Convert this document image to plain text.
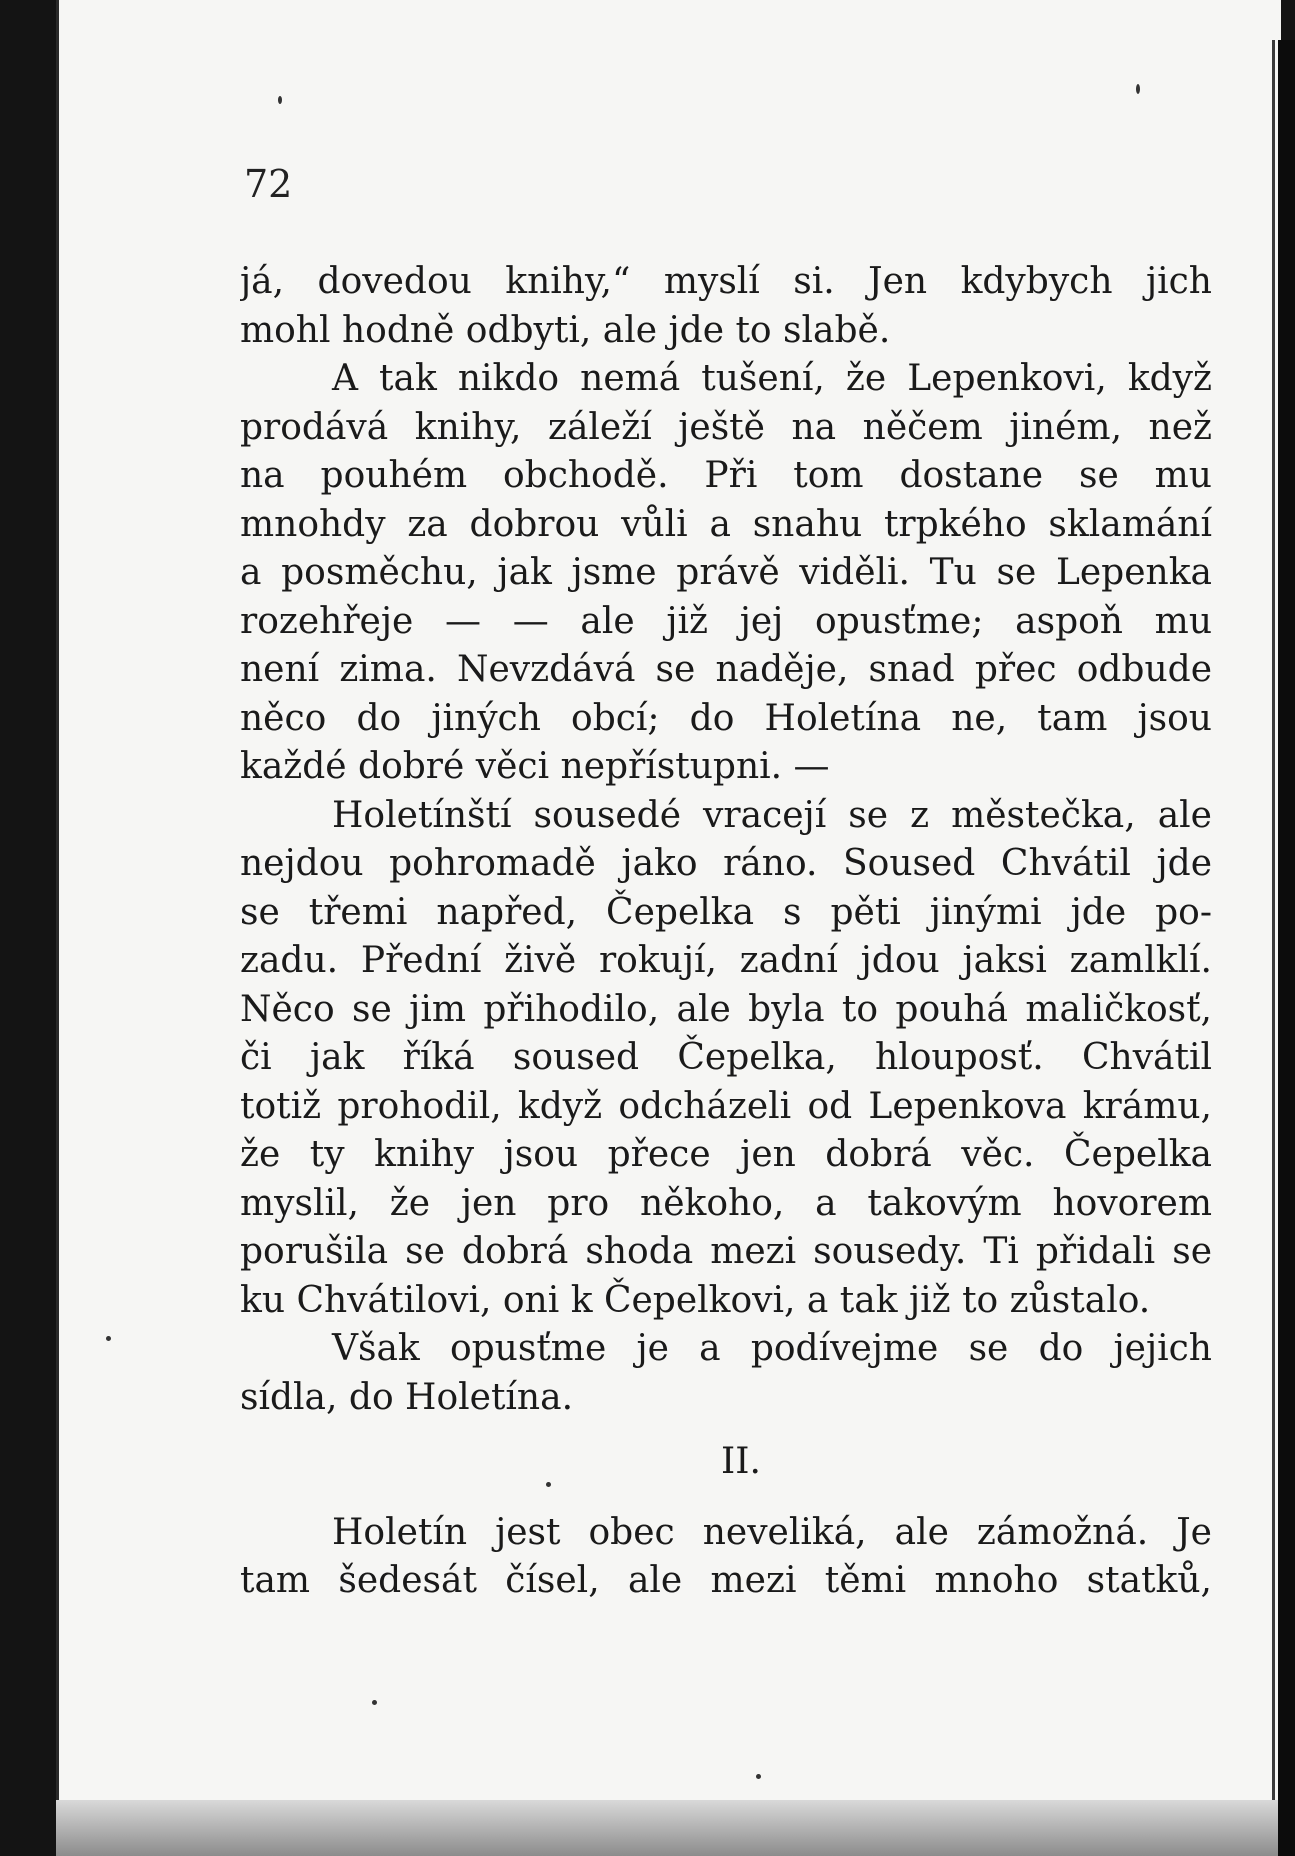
72
já, dovedou knihy,“ myslí si. Jen kdybych jich
mohl hodně odbyti, ale jde to slabě.
A tak nikdo nemá tušení, že Lepenkovi, když
prodává knihy, záleží ještě na něčem jiném, než
na pouhém obchodě. Při tom dostane se mu
mnohdy za dobrou vůli a snahu trpkého sklamání
a posměchu, jak jsme právě viděli. Tu se Lepenka
rozehřeje — — ale již jej opusťme; aspoň mu
není zima. Nevzdává se naděje, snad přec odbude
něco do jiných obcí; do Holetína ne, tam jsou
každé dobré věci nepřístupni. —
Holetínští sousedé vracejí se z městečka, ale
nejdou pohromadě jako ráno. Soused Chvátil jde
se třemi napřed, Čepelka s pěti jinými jde po-
zadu. Přední živě rokují, zadní jdou jaksi zamlklí.
Něco se jim přihodilo, ale byla to pouhá maličkosť,
či jak říká soused Čepelka, hlouposť. Chvátil
totiž prohodil, když odcházeli od Lepenkova krámu,
že ty knihy jsou přece jen dobrá věc. Čepelka
myslil, že jen pro někoho, a takovým hovorem
porušila se dobrá shoda mezi sousedy. Ti přidali se
ku Chvátilovi, oni k Čepelkovi, a tak již to zůstalo.
Však opusťme je a podívejme se do jejich
sídla, do Holetína.
II.
Holetín jest obec neveliká, ale zámožná. Je
tam šedesát čísel, ale mezi těmi mnoho statků,
